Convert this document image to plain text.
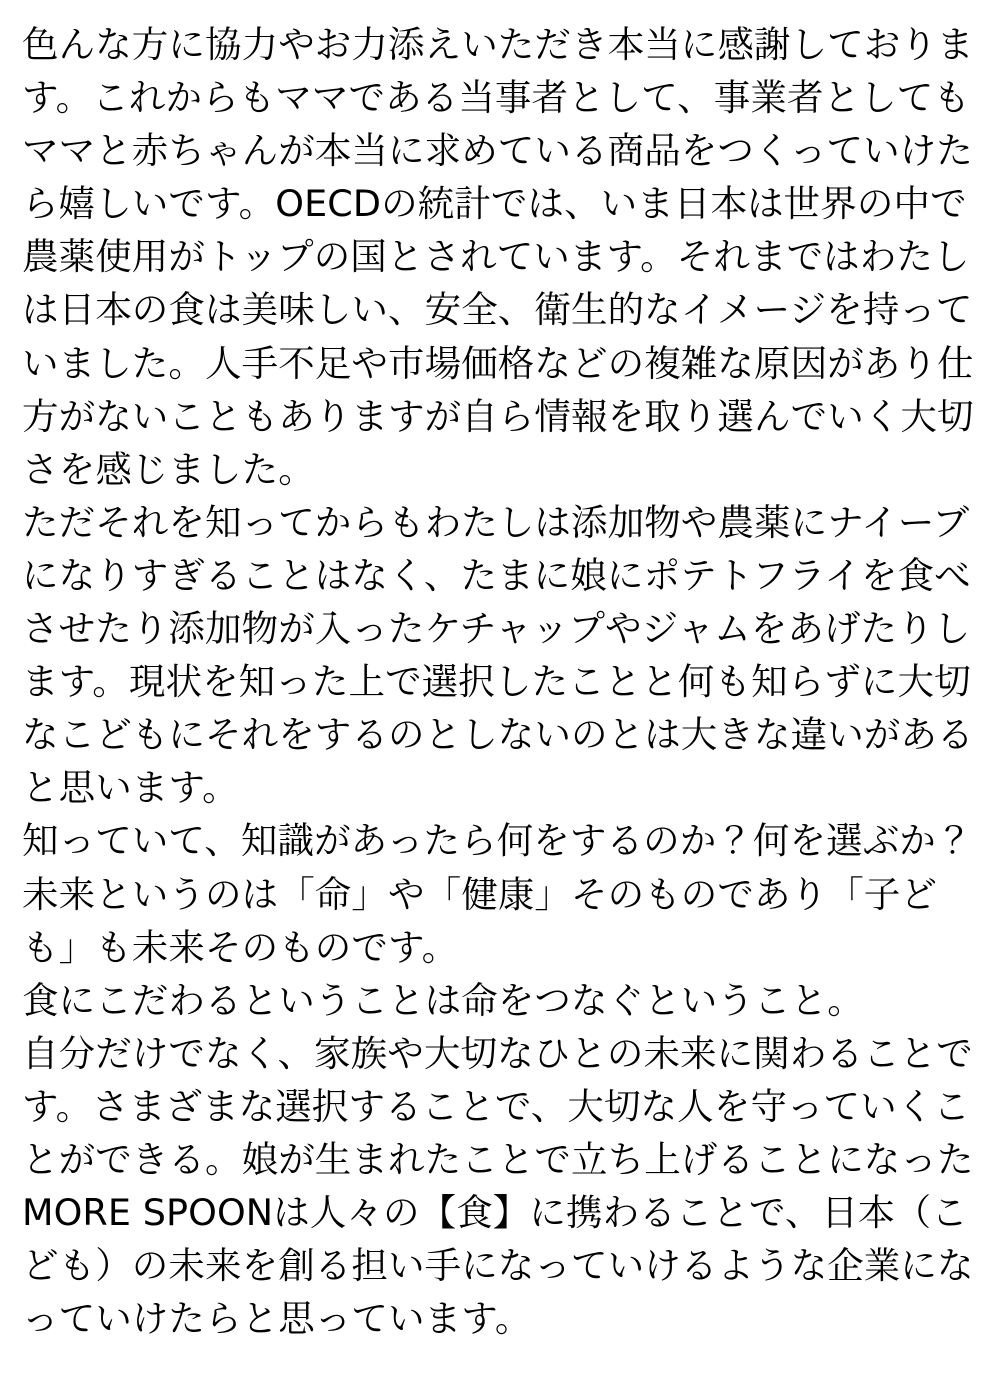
色んな方に協力やお力添えいただき本当に感謝しております。これからもママである当事者として、事業者としてもママと赤ちゃんが本当に求めている商品をつくっていけたら嬉しいです。OECDの統計では、いま日本は世界の中で農薬使用がトップの国とされています。それまではわたしは日本の食は美味しい、安全、衛生的なイメージを持っていました。人手不足や市場価格などの複雑な原因があり仕方がないこともありますが自ら情報を取り選んでいく大切さを感じました。

ただそれを知ってからもわたしは添加物や農薬にナイーブになりすぎることはなく、たまに娘にポテトフライを食べさせたり添加物が入ったケチャップやジャムをあげたりします。現状を知った上で選択したことと何も知らずに大切なこどもにそれをするのとしないのとは大きな違いがあると思います。

知っていて、知識があったら何をするのか？何を選ぶか？未来というのは「命」や「健康」そのものであり「子ども」も未来そのものです。

食にこだわるということは命をつなぐということ。

自分だけでなく、家族や大切なひとの未来に関わることです。さまざまな選択することで、大切な人を守っていくことができる。娘が生まれたことで立ち上げることになったMORE SPOONは人々の【食】に携わることで、日本（こども）の未来を創る担い手になっていけるような企業になっていけたらと思っています。
